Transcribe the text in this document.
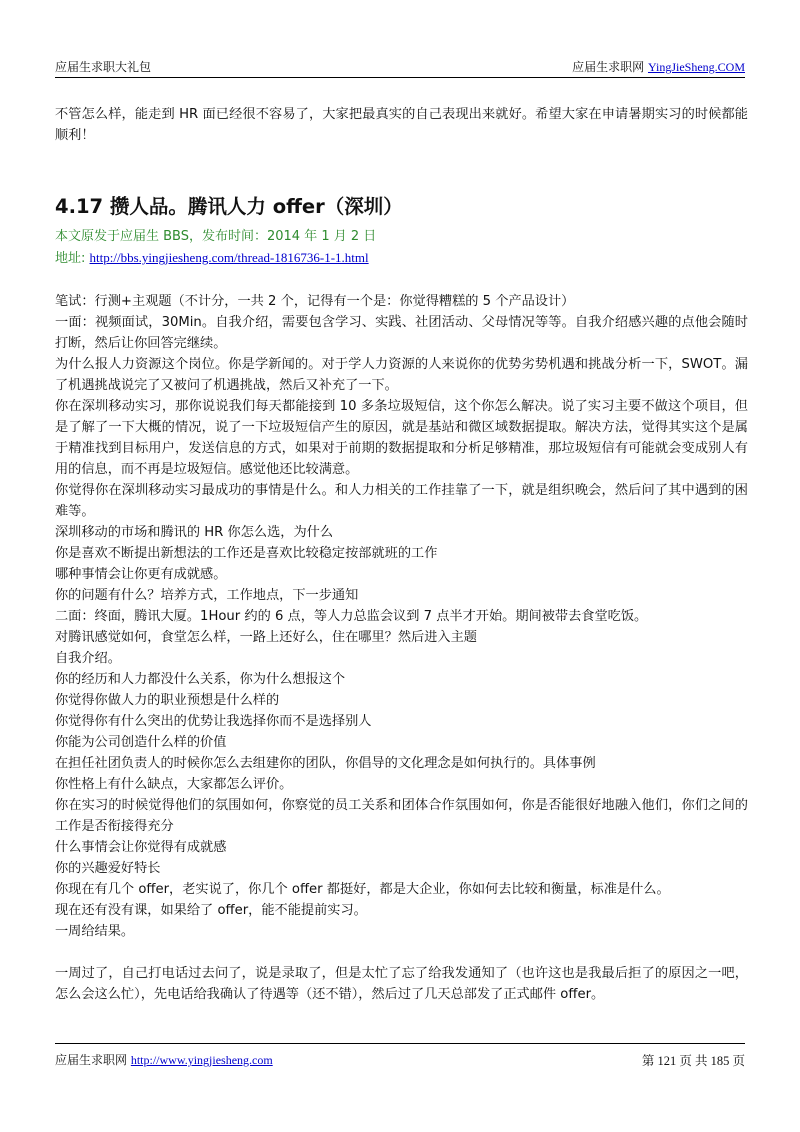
应届生求职大礼包	应届生求职网 YingJieSheng.COM

不管怎么样，能走到 HR 面已经很不容易了，大家把最真实的自己表现出来就好。希望大家在申请暑期实习的时候都能顺利！

4.17 攒人品。腾讯人力 offer（深圳）

本文原发于应届生 BBS，发布时间：2014 年 1 月 2 日

地址: http://bbs.yingjiesheng.com/thread-1816736-1-1.html

笔试：行测+主观题（不计分，一共 2 个，记得有一个是：你觉得糟糕的 5 个产品设计）

一面：视频面试，30Min。自我介绍，需要包含学习、实践、社团活动、父母情况等等。自我介绍感兴趣的点他会随时打断，然后让你回答完继续。

为什么报人力资源这个岗位。你是学新闻的。对于学人力资源的人来说你的优势劣势机遇和挑战分析一下，SWOT。漏了机遇挑战说完了又被问了机遇挑战，然后又补充了一下。

你在深圳移动实习，那你说说我们每天都能接到 10 多条垃圾短信，这个你怎么解决。说了实习主要不做这个项目，但是了解了一下大概的情况，说了一下垃圾短信产生的原因，就是基站和微区域数据提取。解决方法，觉得其实这个是属于精准找到目标用户，发送信息的方式，如果对于前期的数据提取和分析足够精准，那垃圾短信有可能就会变成别人有用的信息，而不再是垃圾短信。感觉他还比较满意。

你觉得你在深圳移动实习最成功的事情是什么。和人力相关的工作挂靠了一下，就是组织晚会，然后问了其中遇到的困难等。

深圳移动的市场和腾讯的 HR 你怎么选，为什么

你是喜欢不断提出新想法的工作还是喜欢比较稳定按部就班的工作

哪种事情会让你更有成就感。

你的问题有什么？培养方式，工作地点，下一步通知

二面：终面，腾讯大厦。1Hour 约的 6 点，等人力总监会议到 7 点半才开始。期间被带去食堂吃饭。

对腾讯感觉如何，食堂怎么样，一路上还好么，住在哪里？然后进入主题

自我介绍。

你的经历和人力都没什么关系，你为什么想报这个

你觉得你做人力的职业预想是什么样的

你觉得你有什么突出的优势让我选择你而不是选择别人

你能为公司创造什么样的价值

在担任社团负责人的时候你怎么去组建你的团队，你倡导的文化理念是如何执行的。具体事例

你性格上有什么缺点，大家都怎么评价。

你在实习的时候觉得他们的氛围如何，你察觉的员工关系和团体合作氛围如何，你是否能很好地融入他们，你们之间的工作是否衔接得充分

什么事情会让你觉得有成就感

你的兴趣爱好特长

你现在有几个 offer，老实说了，你几个 offer 都挺好，都是大企业，你如何去比较和衡量，标准是什么。

现在还有没有课，如果给了 offer，能不能提前实习。

一周给结果。

一周过了，自己打电话过去问了，说是录取了，但是太忙了忘了给我发通知了（也许这也是我最后拒了的原因之一吧，怎么会这么忙），先电话给我确认了待遇等（还不错），然后过了几天总部发了正式邮件 offer。

应届生求职网 http://www.yingjiesheng.com	第 121 页 共 185 页
